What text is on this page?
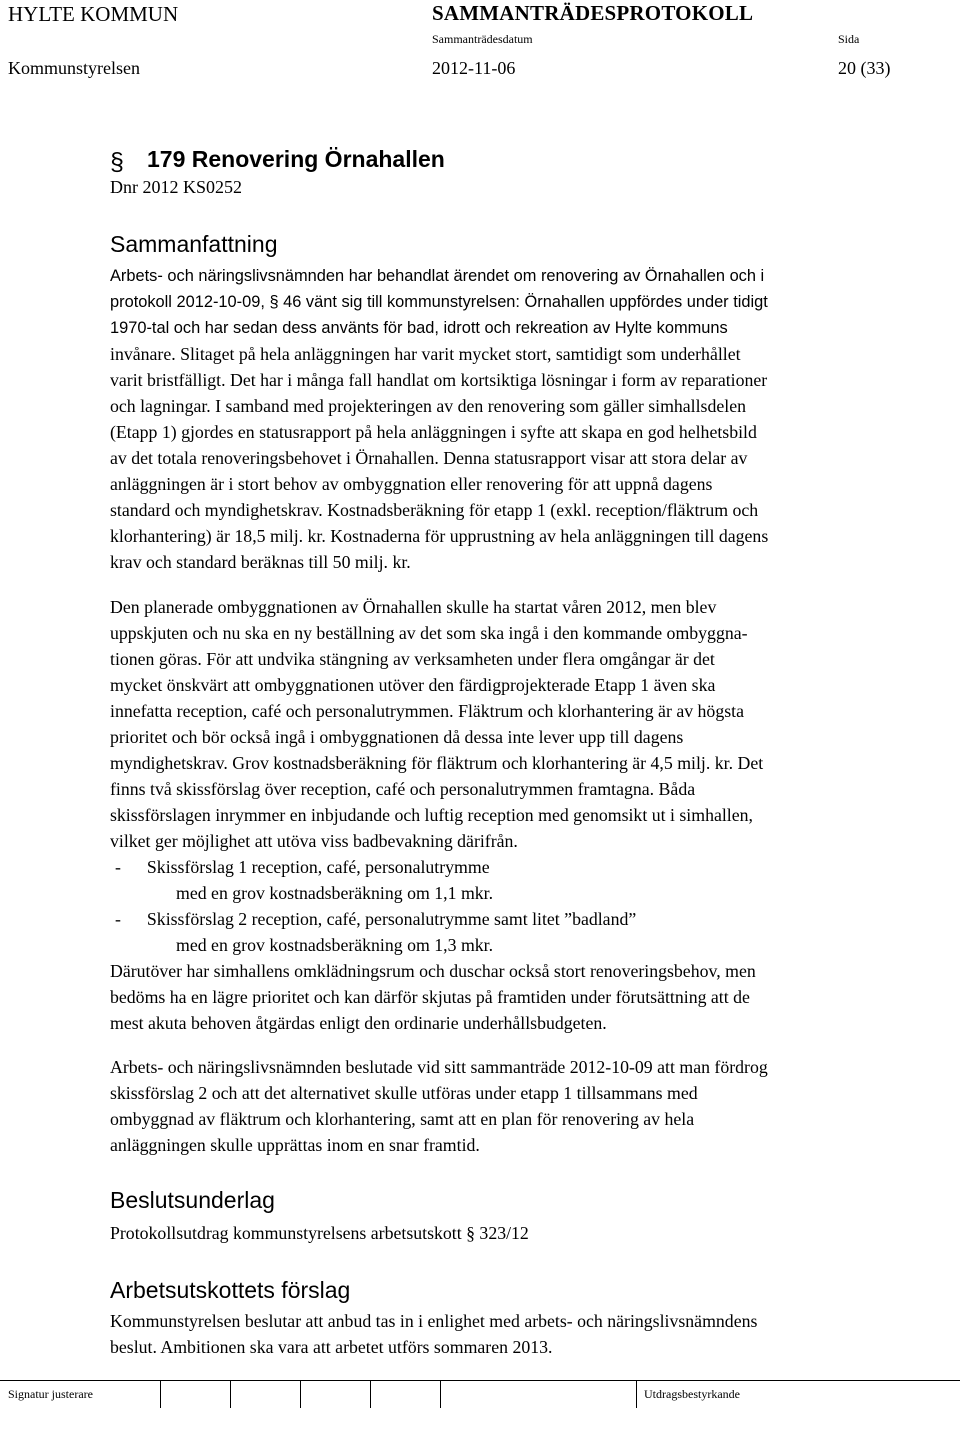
HYLTE KOMMUN	SAMMANTRÄDESPROTOKOLL
Sammanträdesdatum	Sida
Kommunstyrelsen	2012-11-06	20 (33)
§ 179 Renovering Örnahallen
Dnr 2012 KS0252
Sammanfattning
Arbets- och näringslivsnämnden har behandlat ärendet om renovering av Örnahallen och i
protokoll 2012-10-09, § 46 vänt sig till kommunstyrelsen: Örnahallen uppfördes under tidigt
1970-tal och har sedan dess använts för bad, idrott och rekreation av Hylte kommuns
invånare. Slitaget på hela anläggningen har varit mycket stort, samtidigt som underhållet
varit bristfälligt. Det har i många fall handlat om kortsiktiga lösningar i form av reparationer
och lagningar. I samband med projekteringen av den renovering som gäller simhallsdelen
(Etapp 1) gjordes en statusrapport på hela anläggningen i syfte att skapa en god helhetsbild
av det totala renoveringsbehovet i Örnahallen. Denna statusrapport visar att stora delar av
anläggningen är i stort behov av ombyggnation eller renovering för att uppnå dagens
standard och myndighetskrav. Kostnadsberäkning för etapp 1 (exkl. reception/fläktrum och
klorhantering) är 18,5 milj. kr. Kostnaderna för upprustning av hela anläggningen till dagens
krav och standard beräknas till 50 milj. kr.
Den planerade ombyggnationen av Örnahallen skulle ha startat våren 2012, men blev
uppskjuten och nu ska en ny beställning av det som ska ingå i den kommande ombyggna-
tionen göras. För att undvika stängning av verksamheten under flera omgångar är det
mycket önskvärt att ombyggnationen utöver den färdigprojekterade Etapp 1 även ska
innefatta reception, café och personalutrymmen. Fläktrum och klorhantering är av högsta
prioritet och bör också ingå i ombyggnationen då dessa inte lever upp till dagens
myndighetskrav. Grov kostnadsberäkning för fläktrum och klorhantering är 4,5 milj. kr. Det
finns två skissförslag över reception, café och personalutrymmen framtagna. Båda
skissförslagen inrymmer en inbjudande och luftig reception med genomsikt ut i simhallen,
vilket ger möjlighet att utöva viss badbevakning därifrån.
- Skissförslag 1 reception, café, personalutrymme
med en grov kostnadsberäkning om 1,1 mkr.
- Skissförslag 2 reception, café, personalutrymme samt litet ”badland”
med en grov kostnadsberäkning om 1,3 mkr.
Därutöver har simhallens omklädningsrum och duschar också stort renoveringsbehov, men
bedöms ha en lägre prioritet och kan därför skjutas på framtiden under förutsättning att de
mest akuta behoven åtgärdas enligt den ordinarie underhållsbudgeten.
Arbets- och näringslivsnämnden beslutade vid sitt sammanträde 2012-10-09 att man fördrog
skissförslag 2 och att det alternativet skulle utföras under etapp 1 tillsammans med
ombyggnad av fläktrum och klorhantering, samt att en plan för renovering av hela
anläggningen skulle upprättas inom en snar framtid.
Beslutsunderlag
Protokollsutdrag kommunstyrelsens arbetsutskott § 323/12
Arbetsutskottets förslag
Kommunstyrelsen beslutar att anbud tas in i enlighet med arbets- och näringslivsnämndens
beslut. Ambitionen ska vara att arbetet utförs sommaren 2013.
Signatur justerare	Utdragsbestyrkande
